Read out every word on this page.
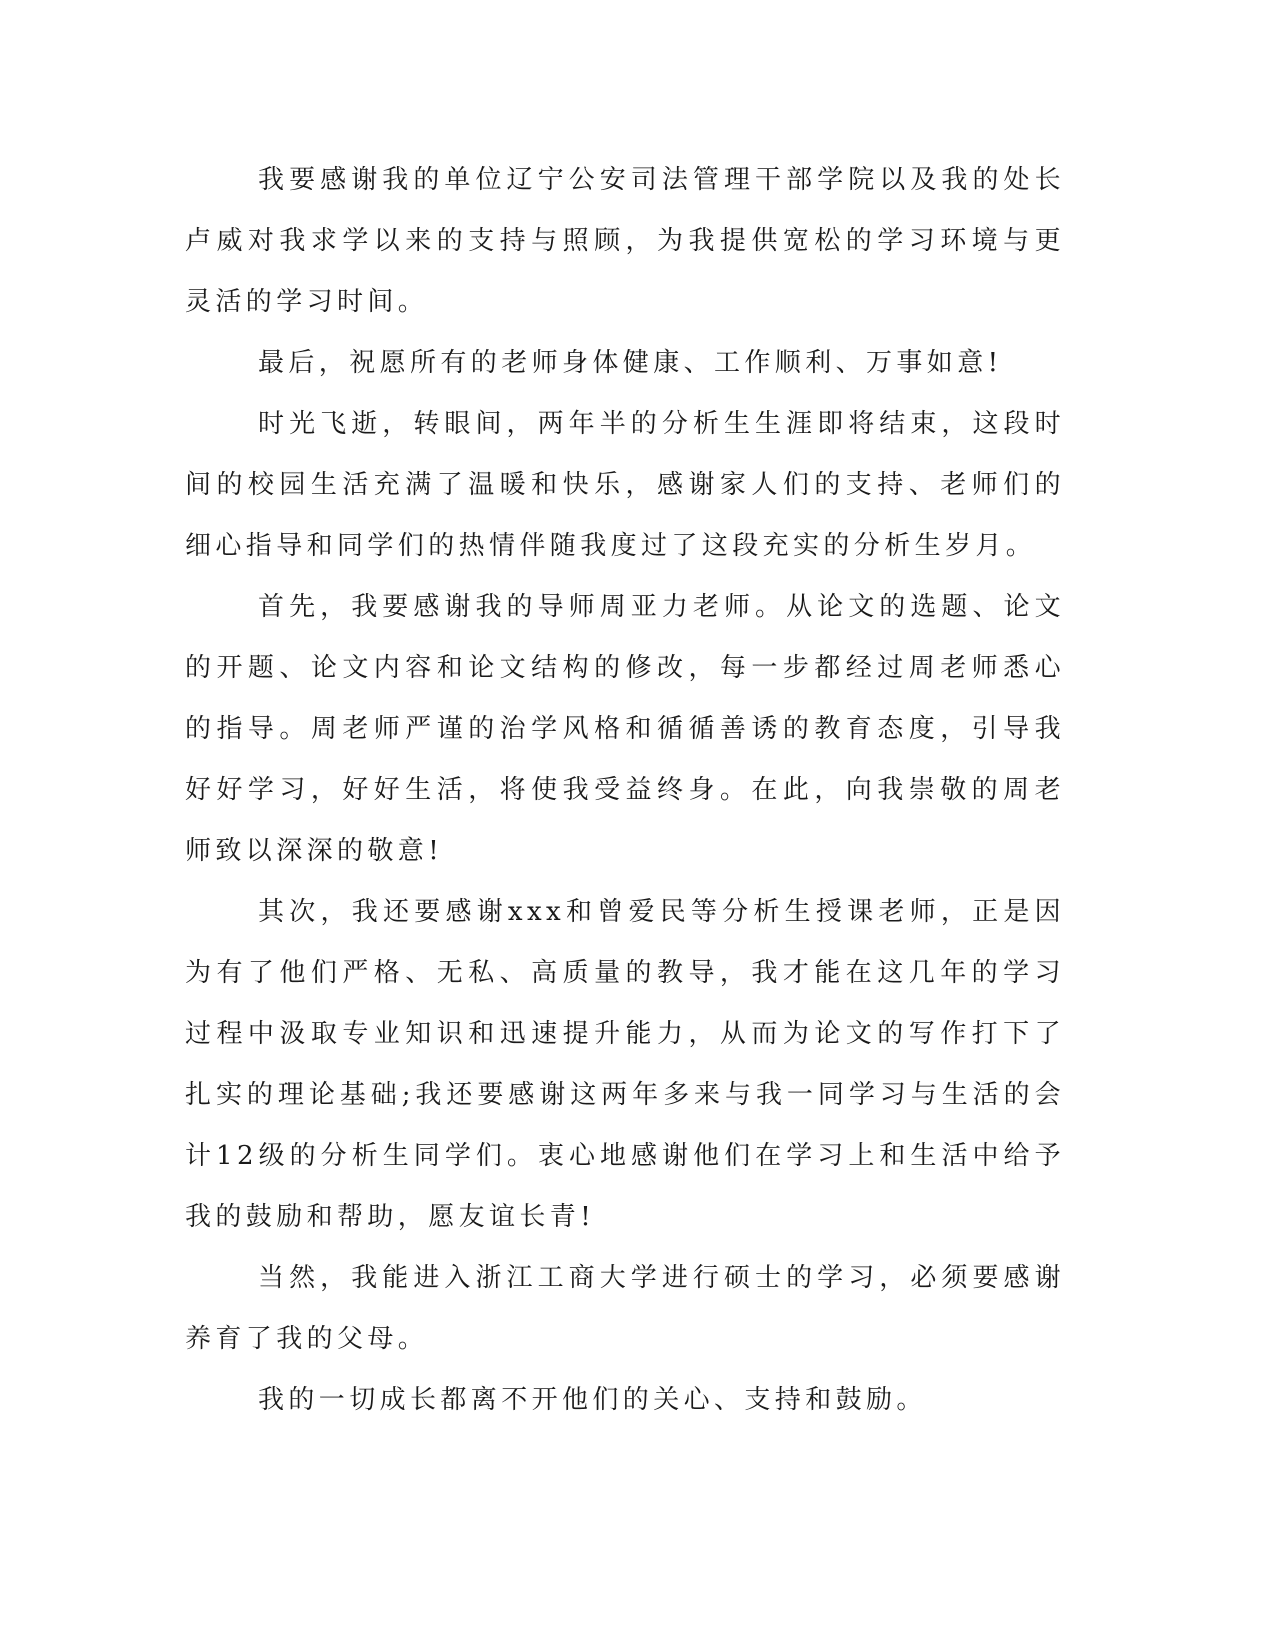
我要感谢我的单位辽宁公安司法管理干部学院以及我的处长卢威对我求学以来的支持与照顾，为我提供宽松的学习环境与更灵活的学习时间。

最后，祝愿所有的老师身体健康、工作顺利、万事如意!

时光飞逝，转眼间，两年半的分析生生涯即将结束，这段时间的校园生活充满了温暖和快乐，感谢家人们的支持、老师们的细心指导和同学们的热情伴随我度过了这段充实的分析生岁月。

首先，我要感谢我的导师周亚力老师。从论文的选题、论文的开题、论文内容和论文结构的修改，每一步都经过周老师悉心的指导。周老师严谨的治学风格和循循善诱的教育态度，引导我好好学习，好好生活，将使我受益终身。在此，向我崇敬的周老师致以深深的敬意!

其次，我还要感谢xxx和曾爱民等分析生授课老师，正是因为有了他们严格、无私、高质量的教导，我才能在这几年的学习过程中汲取专业知识和迅速提升能力，从而为论文的写作打下了扎实的理论基础;我还要感谢这两年多来与我一同学习与生活的会计12级的分析生同学们。衷心地感谢他们在学习上和生活中给予我的鼓励和帮助，愿友谊长青!

当然，我能进入浙江工商大学进行硕士的学习，必须要感谢养育了我的父母。

我的一切成长都离不开他们的关心、支持和鼓励。
